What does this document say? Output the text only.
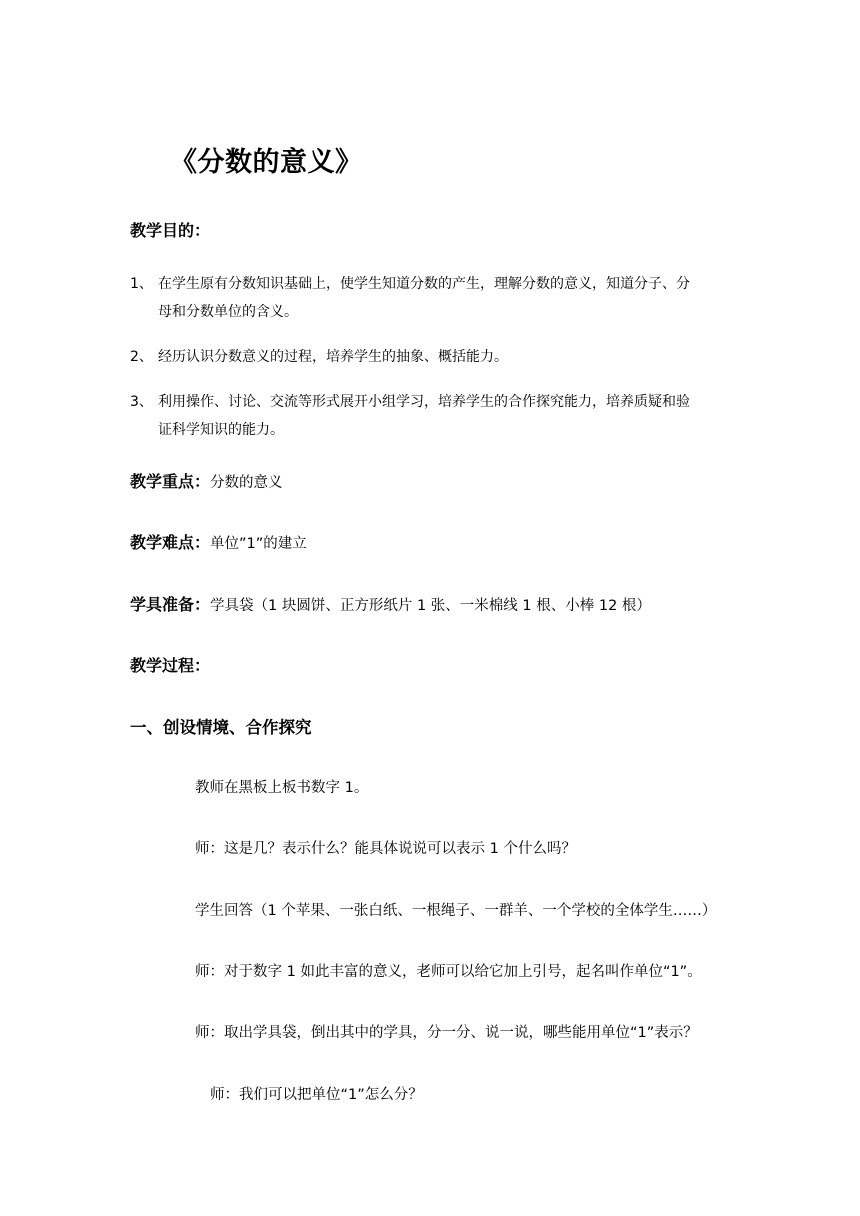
《分数的意义》
教学目的：
1、 在学生原有分数知识基础上，使学生知道分数的产生，理解分数的意义，知道分子、分
母和分数单位的含义。
2、 经历认识分数意义的过程，培养学生的抽象、概括能力。
3、 利用操作、讨论、交流等形式展开小组学习，培养学生的合作探究能力，培养质疑和验
证科学知识的能力。
教学重点：分数的意义
教学难点：单位”1”的建立
学具准备：学具袋（1 块圆饼、正方形纸片 1 张、一米棉线 1 根、小棒 12 根）
教学过程：
一、创设情境、合作探究
教师在黑板上板书数字 1。
师：这是几？表示什么？能具体说说可以表示 1 个什么吗？
学生回答（1 个苹果、一张白纸、一根绳子、一群羊、一个学校的全体学生……）
师：对于数字 1 如此丰富的意义，老师可以给它加上引号，起名叫作单位“1”。
师：取出学具袋，倒出其中的学具，分一分、说一说，哪些能用单位“1”表示？
师：我们可以把单位“1”怎么分？
